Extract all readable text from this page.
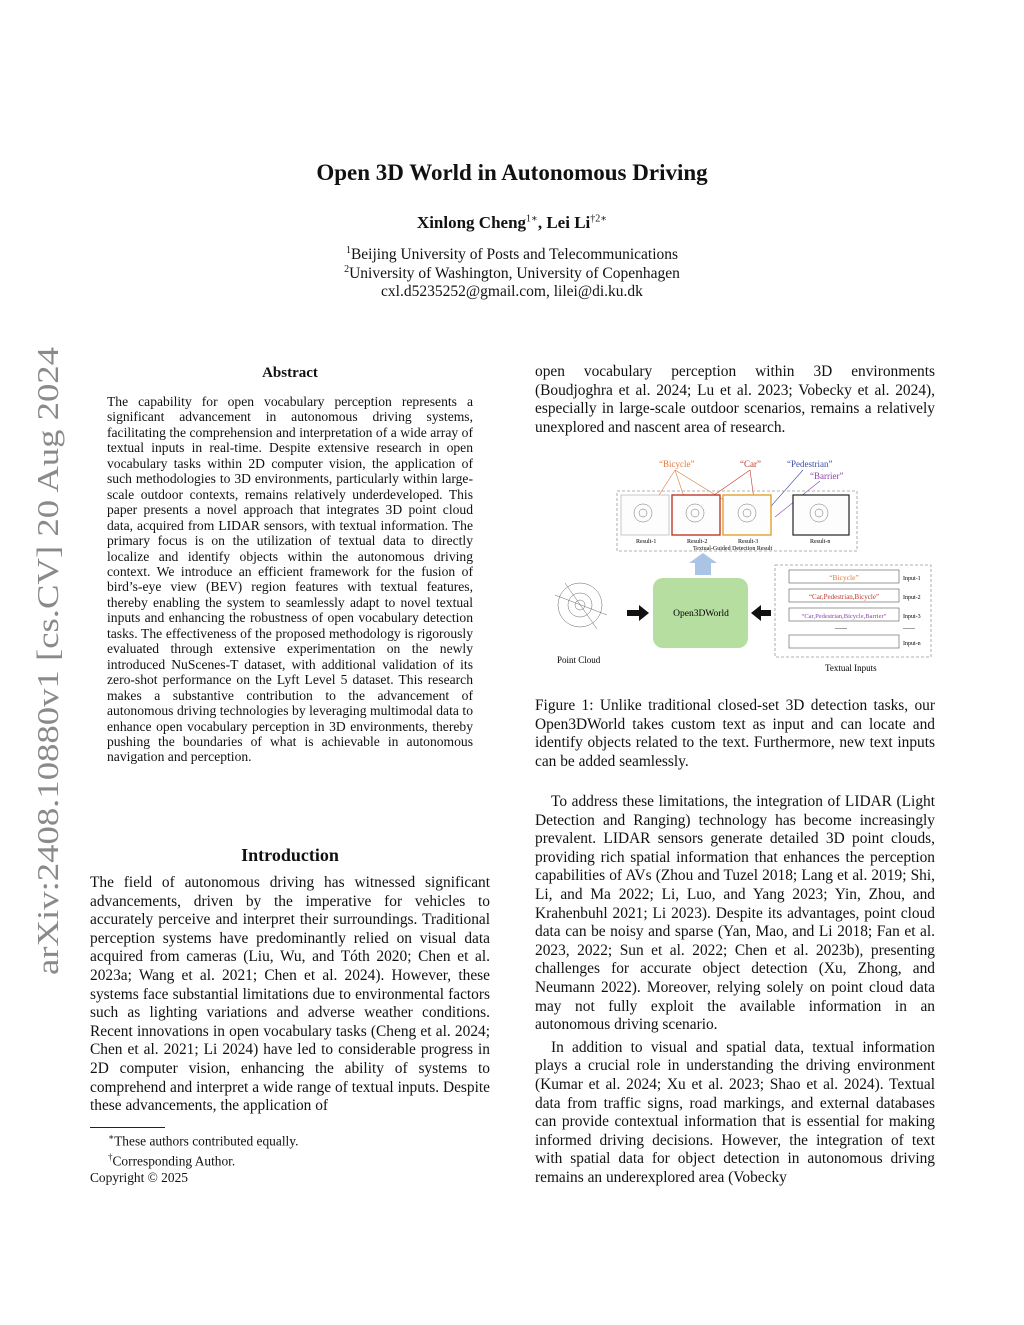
arXiv:2408.10880v1 [cs.CV] 20 Aug 2024
Open 3D World in Autonomous Driving
Xinlong Cheng$^{1∗}$, Lei $Li^{\dagger 2∗}$
$^1$Beijing University of Posts and Telecommunications
$^2$University of Washington, University of Copenhagen
cxl.d5235252@gmail.com, lilei@di.ku.dk
Abstract

The capability for open vocabulary perception represents a significant advancement in autonomous driving systems, facilitating the comprehension and interpretation of a wide array of textual inputs in real-time. Despite extensive research in open vocabulary tasks within 2D computer vision, the application of such methodologies to 3D environments, particularly within large-scale outdoor contexts, remains relatively underdeveloped. This paper presents a novel approach that integrates 3D point cloud data, acquired from LIDAR sensors, with textual information. The primary focus is on the utilization of textual data to directly localize and identify objects within the autonomous driving context. We introduce an efficient framework for the fusion of bird’s-eye view (BEV) region features with textual features, thereby enabling the system to seamlessly adapt to novel textual inputs and enhancing the robustness of open vocabulary detection tasks. The effectiveness of the proposed methodology is rigorously evaluated through extensive experimentation on the newly introduced NuScenes-T dataset, with additional validation of its zero-shot performance on the Lyft Level 5 dataset. This research makes a substantive contribution to the advancement of autonomous driving technologies by leveraging multimodal data to enhance open vocabulary perception in 3D environments, thereby pushing the boundaries of what is achievable in autonomous navigation and perception.

Introduction

The field of autonomous driving has witnessed significant advancements, driven by the imperative for vehicles to accurately perceive and interpret their surroundings. Traditional perception systems have predominantly relied on visual data acquired from cameras (Liu, Wu, and Tóth 2020; Chen et al. 2023a; Wang et al. 2021; Chen et al. 2024). However, these systems face substantial limitations due to environmental factors such as lighting variations and adverse weather conditions. Recent innovations in open vocabulary tasks (Cheng et al. 2024; Chen et al. 2021; Li 2024) have led to considerable progress in 2D computer vision, enhancing the ability of systems to comprehend and interpret a wide range of textual inputs. Despite these advancements, the application of

∗These authors contributed equally.
†Corresponding Author.
Copyright © 2025

open vocabulary perception within 3D environments (Boudjoghra et al. 2024; Lu et al. 2023; Vobecky et al. 2024), especially in large-scale outdoor scenarios, remains a relatively unexplored and nascent area of research.

“Bicycle”	“Car”	“Pedestrian”
“Barrier”
Result-1	Result-2	Result-3	Result-n
Textual-Guided Detection Result
Point Cloud
Open3DWorld
“Bicycle”	Input-1
“Car,Pedestrian,Bicycle”	Input-2
“Car,Pedestrian,Bicycle,Barrier”	Input-3
......	......
Input-n
Textual Inputs

Figure 1: Unlike traditional closed-set 3D detection tasks, our Open3DWorld takes custom text as input and can locate and identify objects related to the text. Furthermore, new text inputs can be added seamlessly.

To address these limitations, the integration of LIDAR (Light Detection and Ranging) technology has become increasingly prevalent. LIDAR sensors generate detailed 3D point clouds, providing rich spatial information that enhances the perception capabilities of AVs (Zhou and Tuzel 2018; Lang et al. 2019; Shi, Li, and Ma 2022; Li, Luo, and Yang 2023; Yin, Zhou, and Krahenbuhl 2021; Li 2023). Despite its advantages, point cloud data can be noisy and sparse (Yan, Mao, and Li 2018; Fan et al. 2023, 2022; Sun et al. 2022; Chen et al. 2023b), presenting challenges for accurate object detection (Xu, Zhong, and Neumann 2022). Moreover, relying solely on point cloud data may not fully exploit the available information in an autonomous driving scenario.

In addition to visual and spatial data, textual information plays a crucial role in understanding the driving environment (Kumar et al. 2024; Xu et al. 2023; Shao et al. 2024). Textual data from traffic signs, road markings, and external databases can provide contextual information that is essential for making informed driving decisions. However, the integration of text with spatial data for object detection in autonomous driving remains an underexplored area (Vobecky
